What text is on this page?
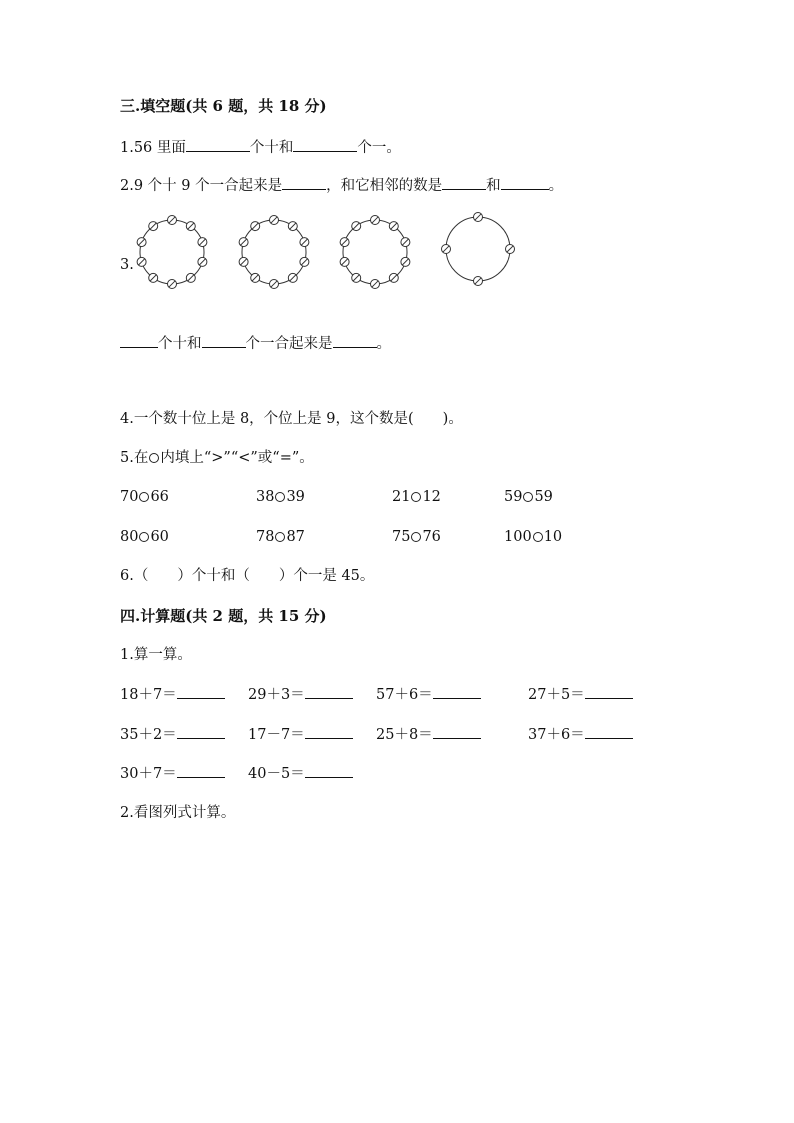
三.填空题(共 6 题，共 18 分)
1.56 里面	个十和	个一。
2.9 个十 9 个一合起来是	，和它相邻的数是	和	。
3.
个十和	个一合起来是	。
4.一个数十位上是 8，个位上是 9，这个数是(　　)。
5.在 内填上“>”“<”或“=”。
70 66	38 39	21 12	59 59
80 60	78 87	75 76	100 10
6.（　　）个十和（　　）个一是 45。
四.计算题(共 2 题，共 15 分)
1.算一算。
18＋7＝	29＋3＝	57＋6＝	27＋5＝
35＋2＝	17－7＝	25＋8＝	37＋6＝
30＋7＝	40－5＝
2.看图列式计算。
